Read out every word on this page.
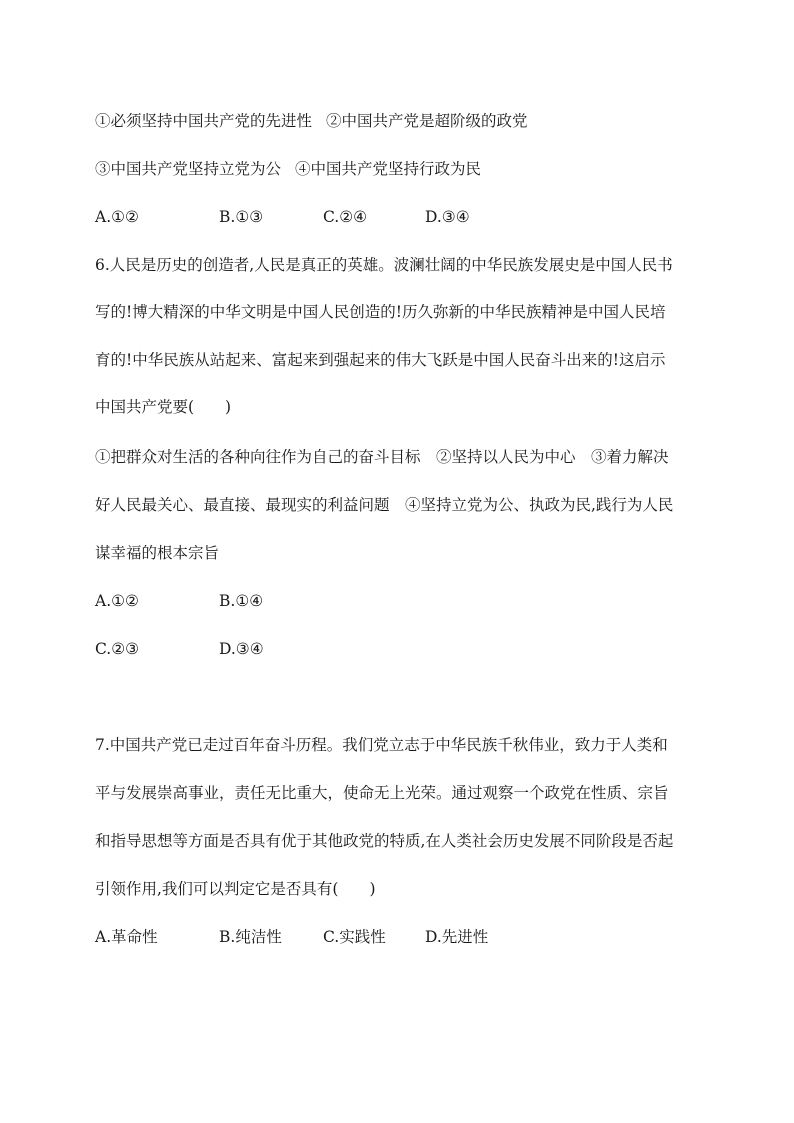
①必须坚持中国共产党的先进性 ②中国共产党是超阶级的政党
③中国共产党坚持立党为公 ④中国共产党坚持行政为民
A.①②	B.①③	C.②④	D.③④
6.人民是历史的创造者,人民是真正的英雄。波澜壮阔的中华民族发展史是中国人民书
写的!博大精深的中华文明是中国人民创造的!历久弥新的中华民族精神是中国人民培
育的!中华民族从站起来、富起来到强起来的伟大飞跃是中国人民奋斗出来的!这启示
中国共产党要(　　)
①把群众对生活的各种向往作为自己的奋斗目标　②坚持以人民为中心　③着力解决
好人民最关心、最直接、最现实的利益问题　④坚持立党为公、执政为民,践行为人民
谋幸福的根本宗旨
A.①②	B.①④
C.②③	D.③④
7.中国共产党已走过百年奋斗历程。我们党立志于中华民族千秋伟业，致力于人类和
平与发展崇高事业，责任无比重大，使命无上光荣。通过观察一个政党在性质、宗旨
和指导思想等方面是否具有优于其他政党的特质,在人类社会历史发展不同阶段是否起
引领作用,我们可以判定它是否具有(　　)
A.革命性	B.纯洁性	C.实践性	D.先进性
